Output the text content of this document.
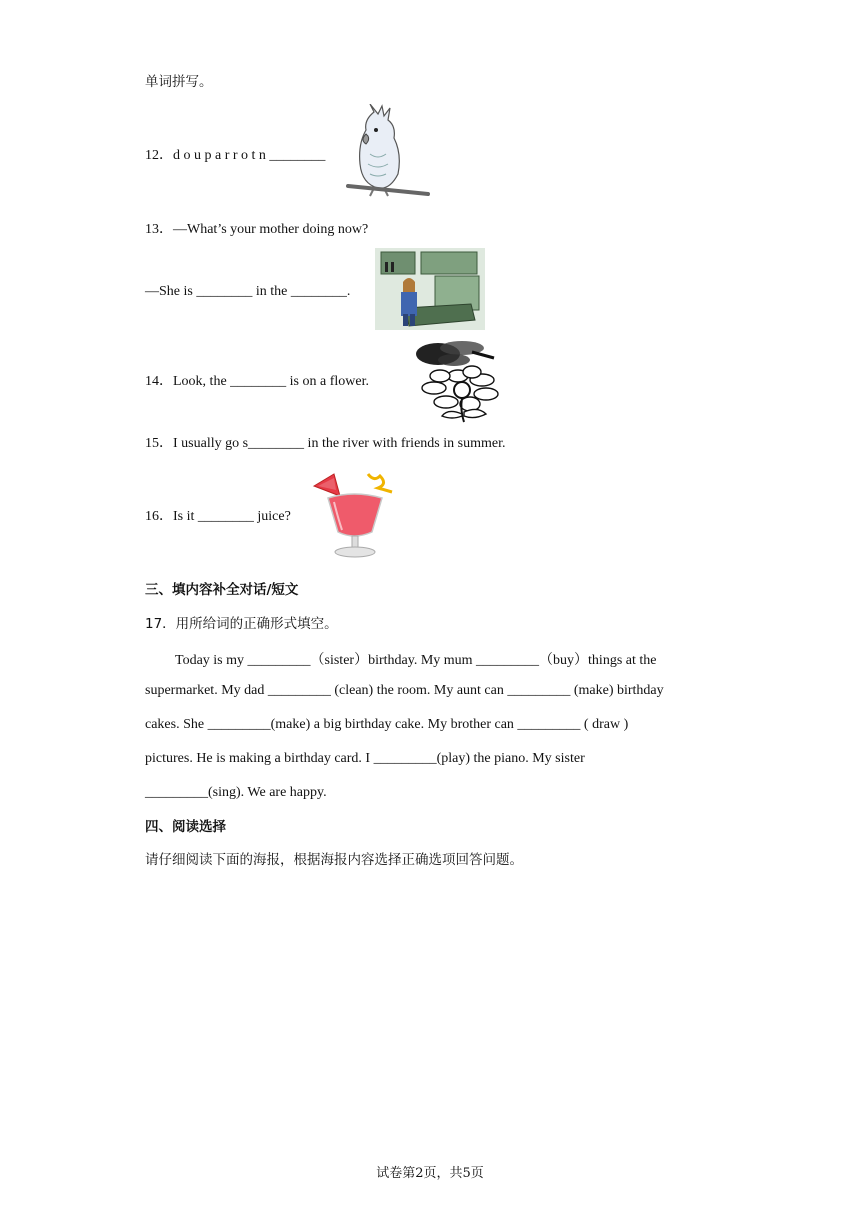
单词拼写。
12．d o u p a r r o t n ________
13．—What’s your mother doing now?
—She is ________ in the ________.
14．Look, the ________ is on a flower.
15．I usually go s________ in the river with friends in summer.
16．Is it ________ juice?
三、填内容补全对话/短文
17．用所给词的正确形式填空。
Today is my _________（sister）birthday. My mum _________（buy）things at the
supermarket. My dad _________ (clean) the room. My aunt can _________ (make) birthday
cakes. She _________(make) a big birthday cake. My brother can _________ ( draw )
pictures. He is making a birthday card. I _________(play) the piano. My sister
_________(sing). We are happy.
四、阅读选择
请仔细阅读下面的海报，根据海报内容选择正确选项回答问题。
试卷第2页，共5页
